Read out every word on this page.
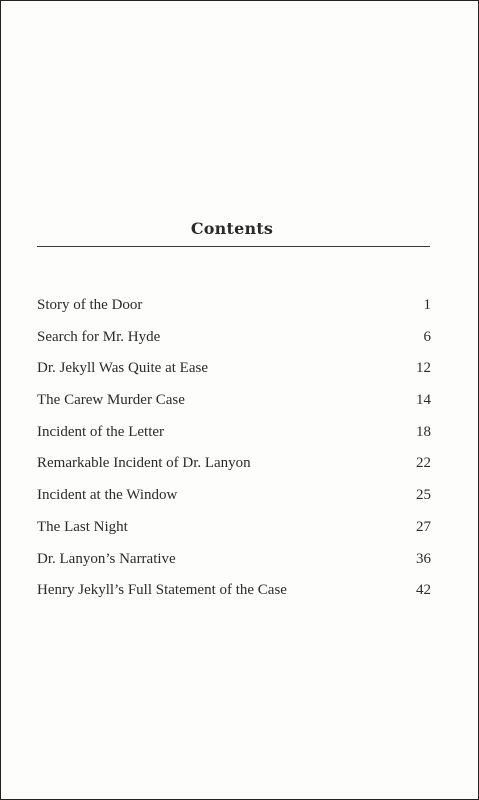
Contents
Story of the Door	1
Search for Mr. Hyde	6
Dr. Jekyll Was Quite at Ease	12
The Carew Murder Case	14
Incident of the Letter	18
Remarkable Incident of Dr. Lanyon	22
Incident at the Window	25
The Last Night	27
Dr. Lanyon’s Narrative	36
Henry Jekyll’s Full Statement of the Case	42
